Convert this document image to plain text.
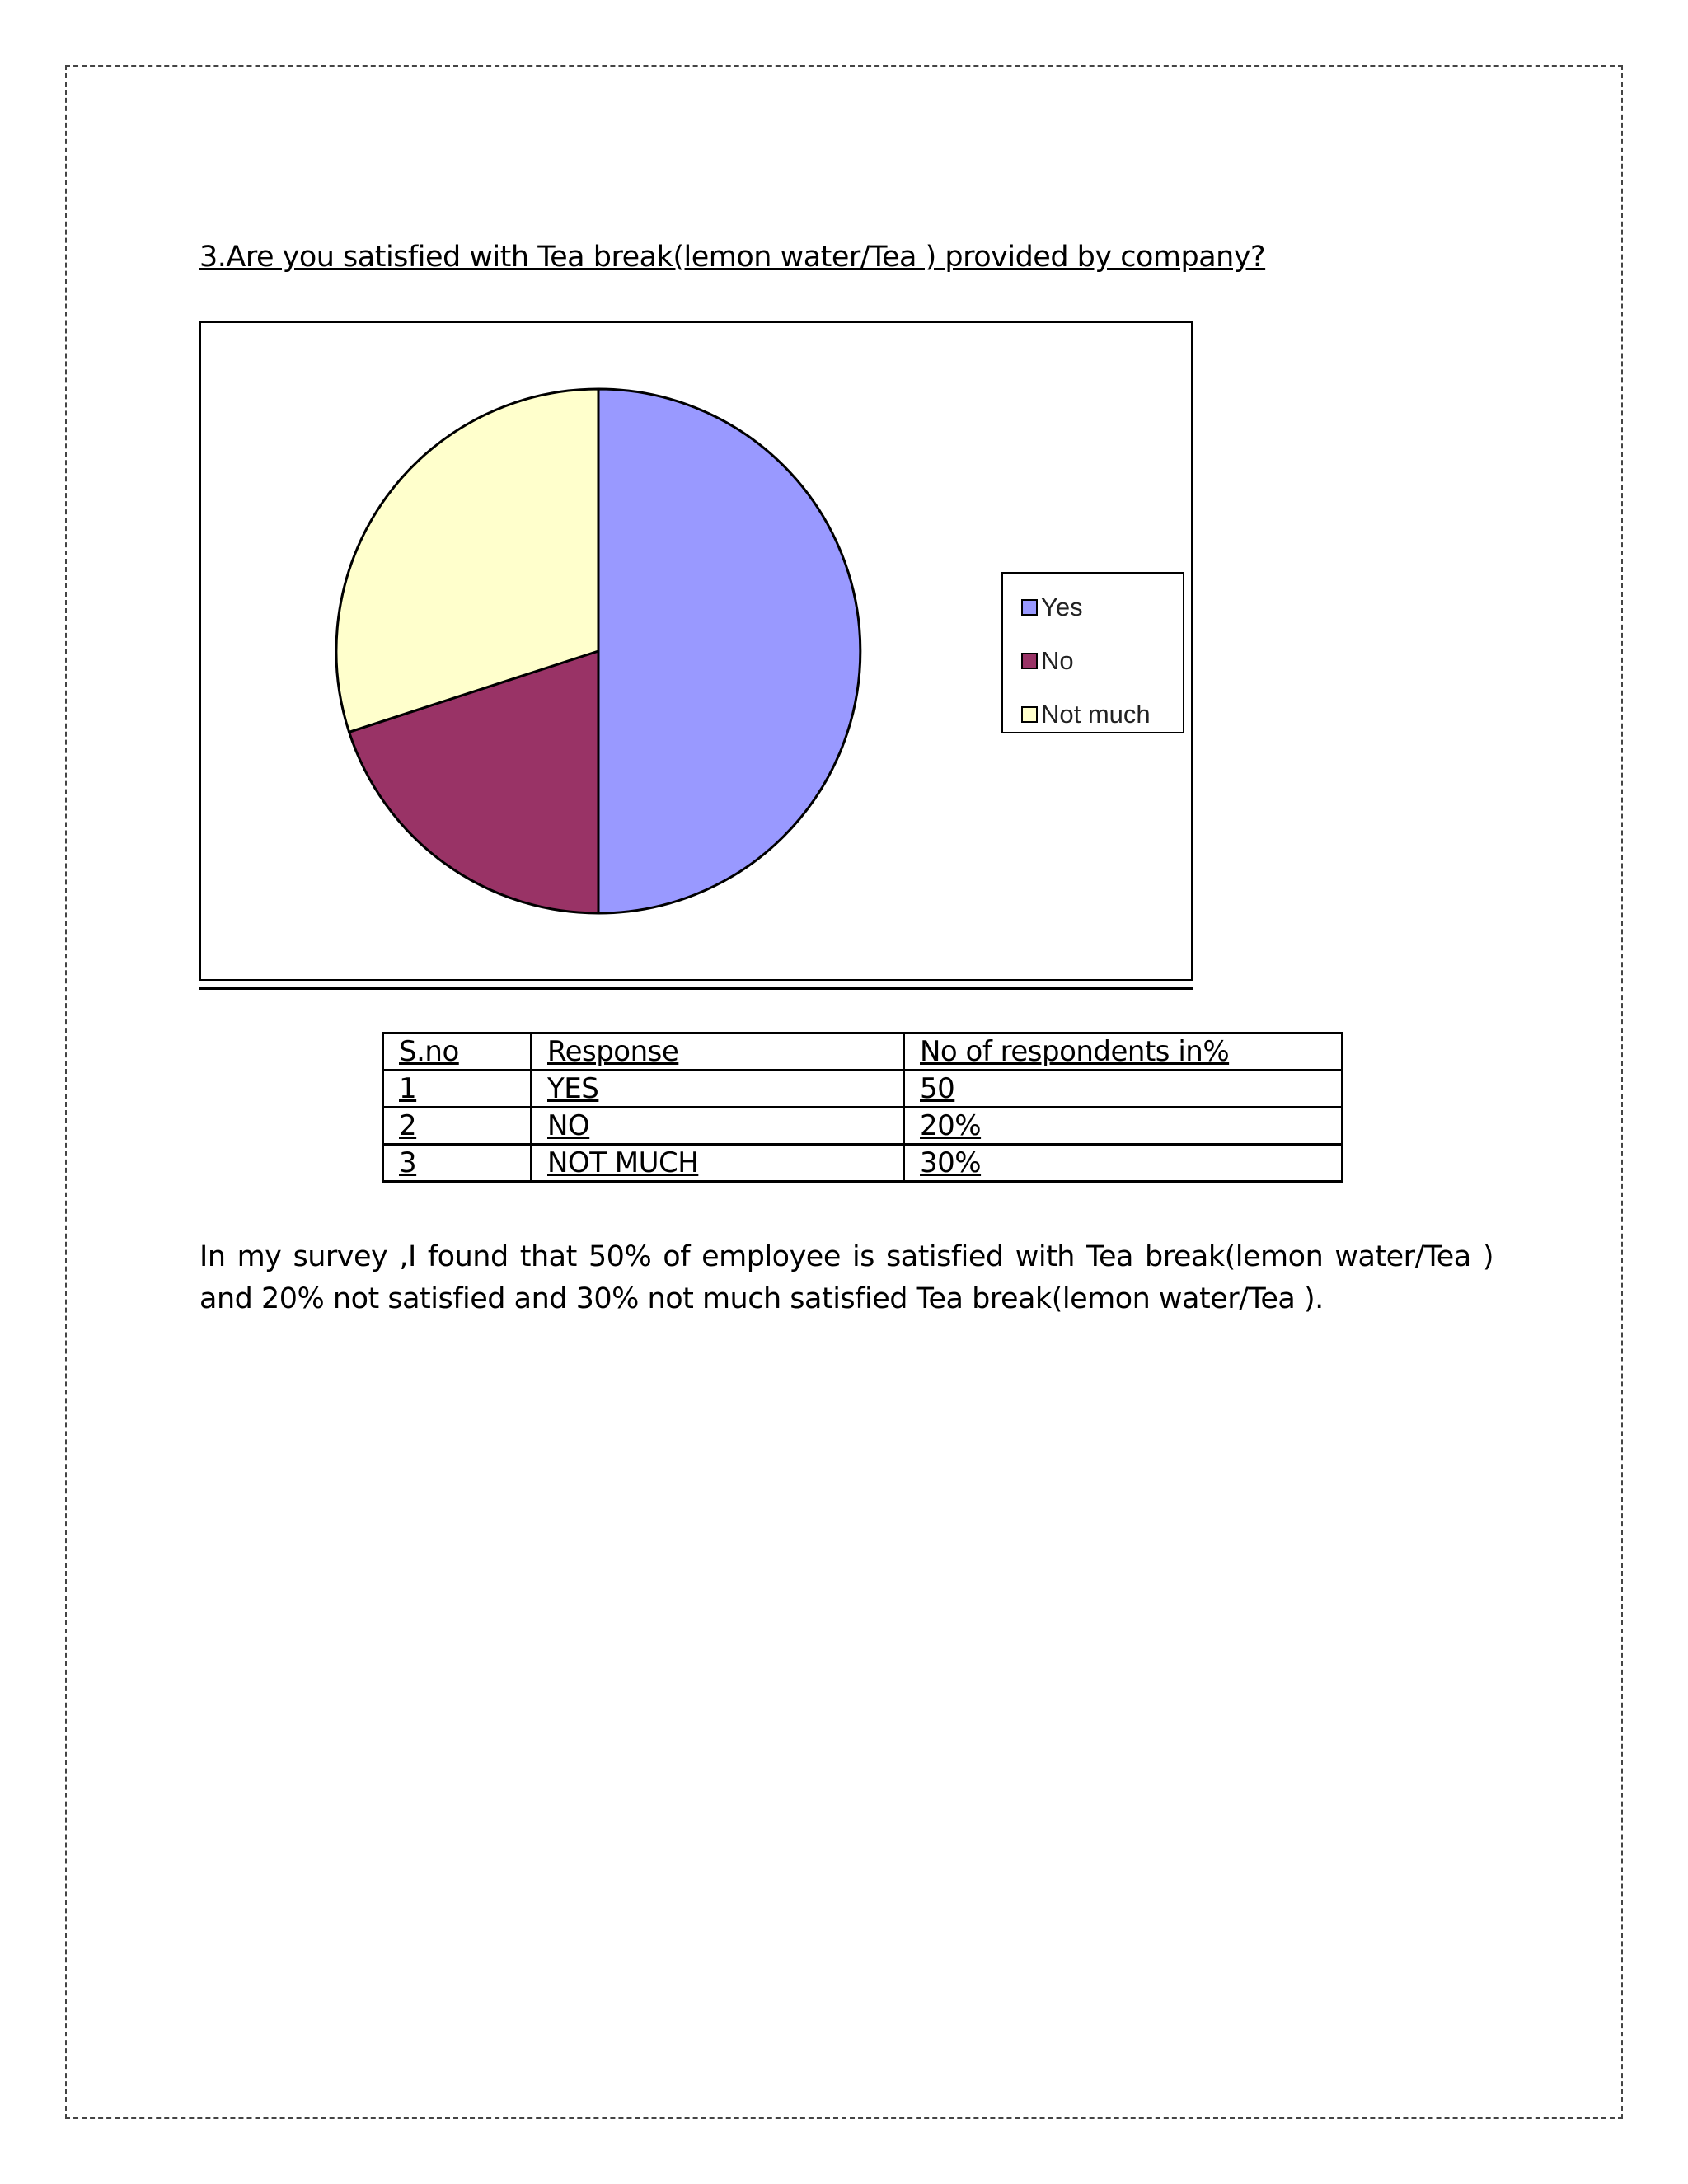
3.Are you satisfied with Tea break(lemon water/Tea ) provided by company?
Yes
No
Not much
S.no	Response	No of respondents in%
1	YES	50
2	NO	20%
3	NOT MUCH	30%
In my survey ,I found that 50% of employee is satisfied with Tea break(lemon water/Tea ) and 20% not satisfied and 30% not much satisfied Tea break(lemon water/Tea ).
